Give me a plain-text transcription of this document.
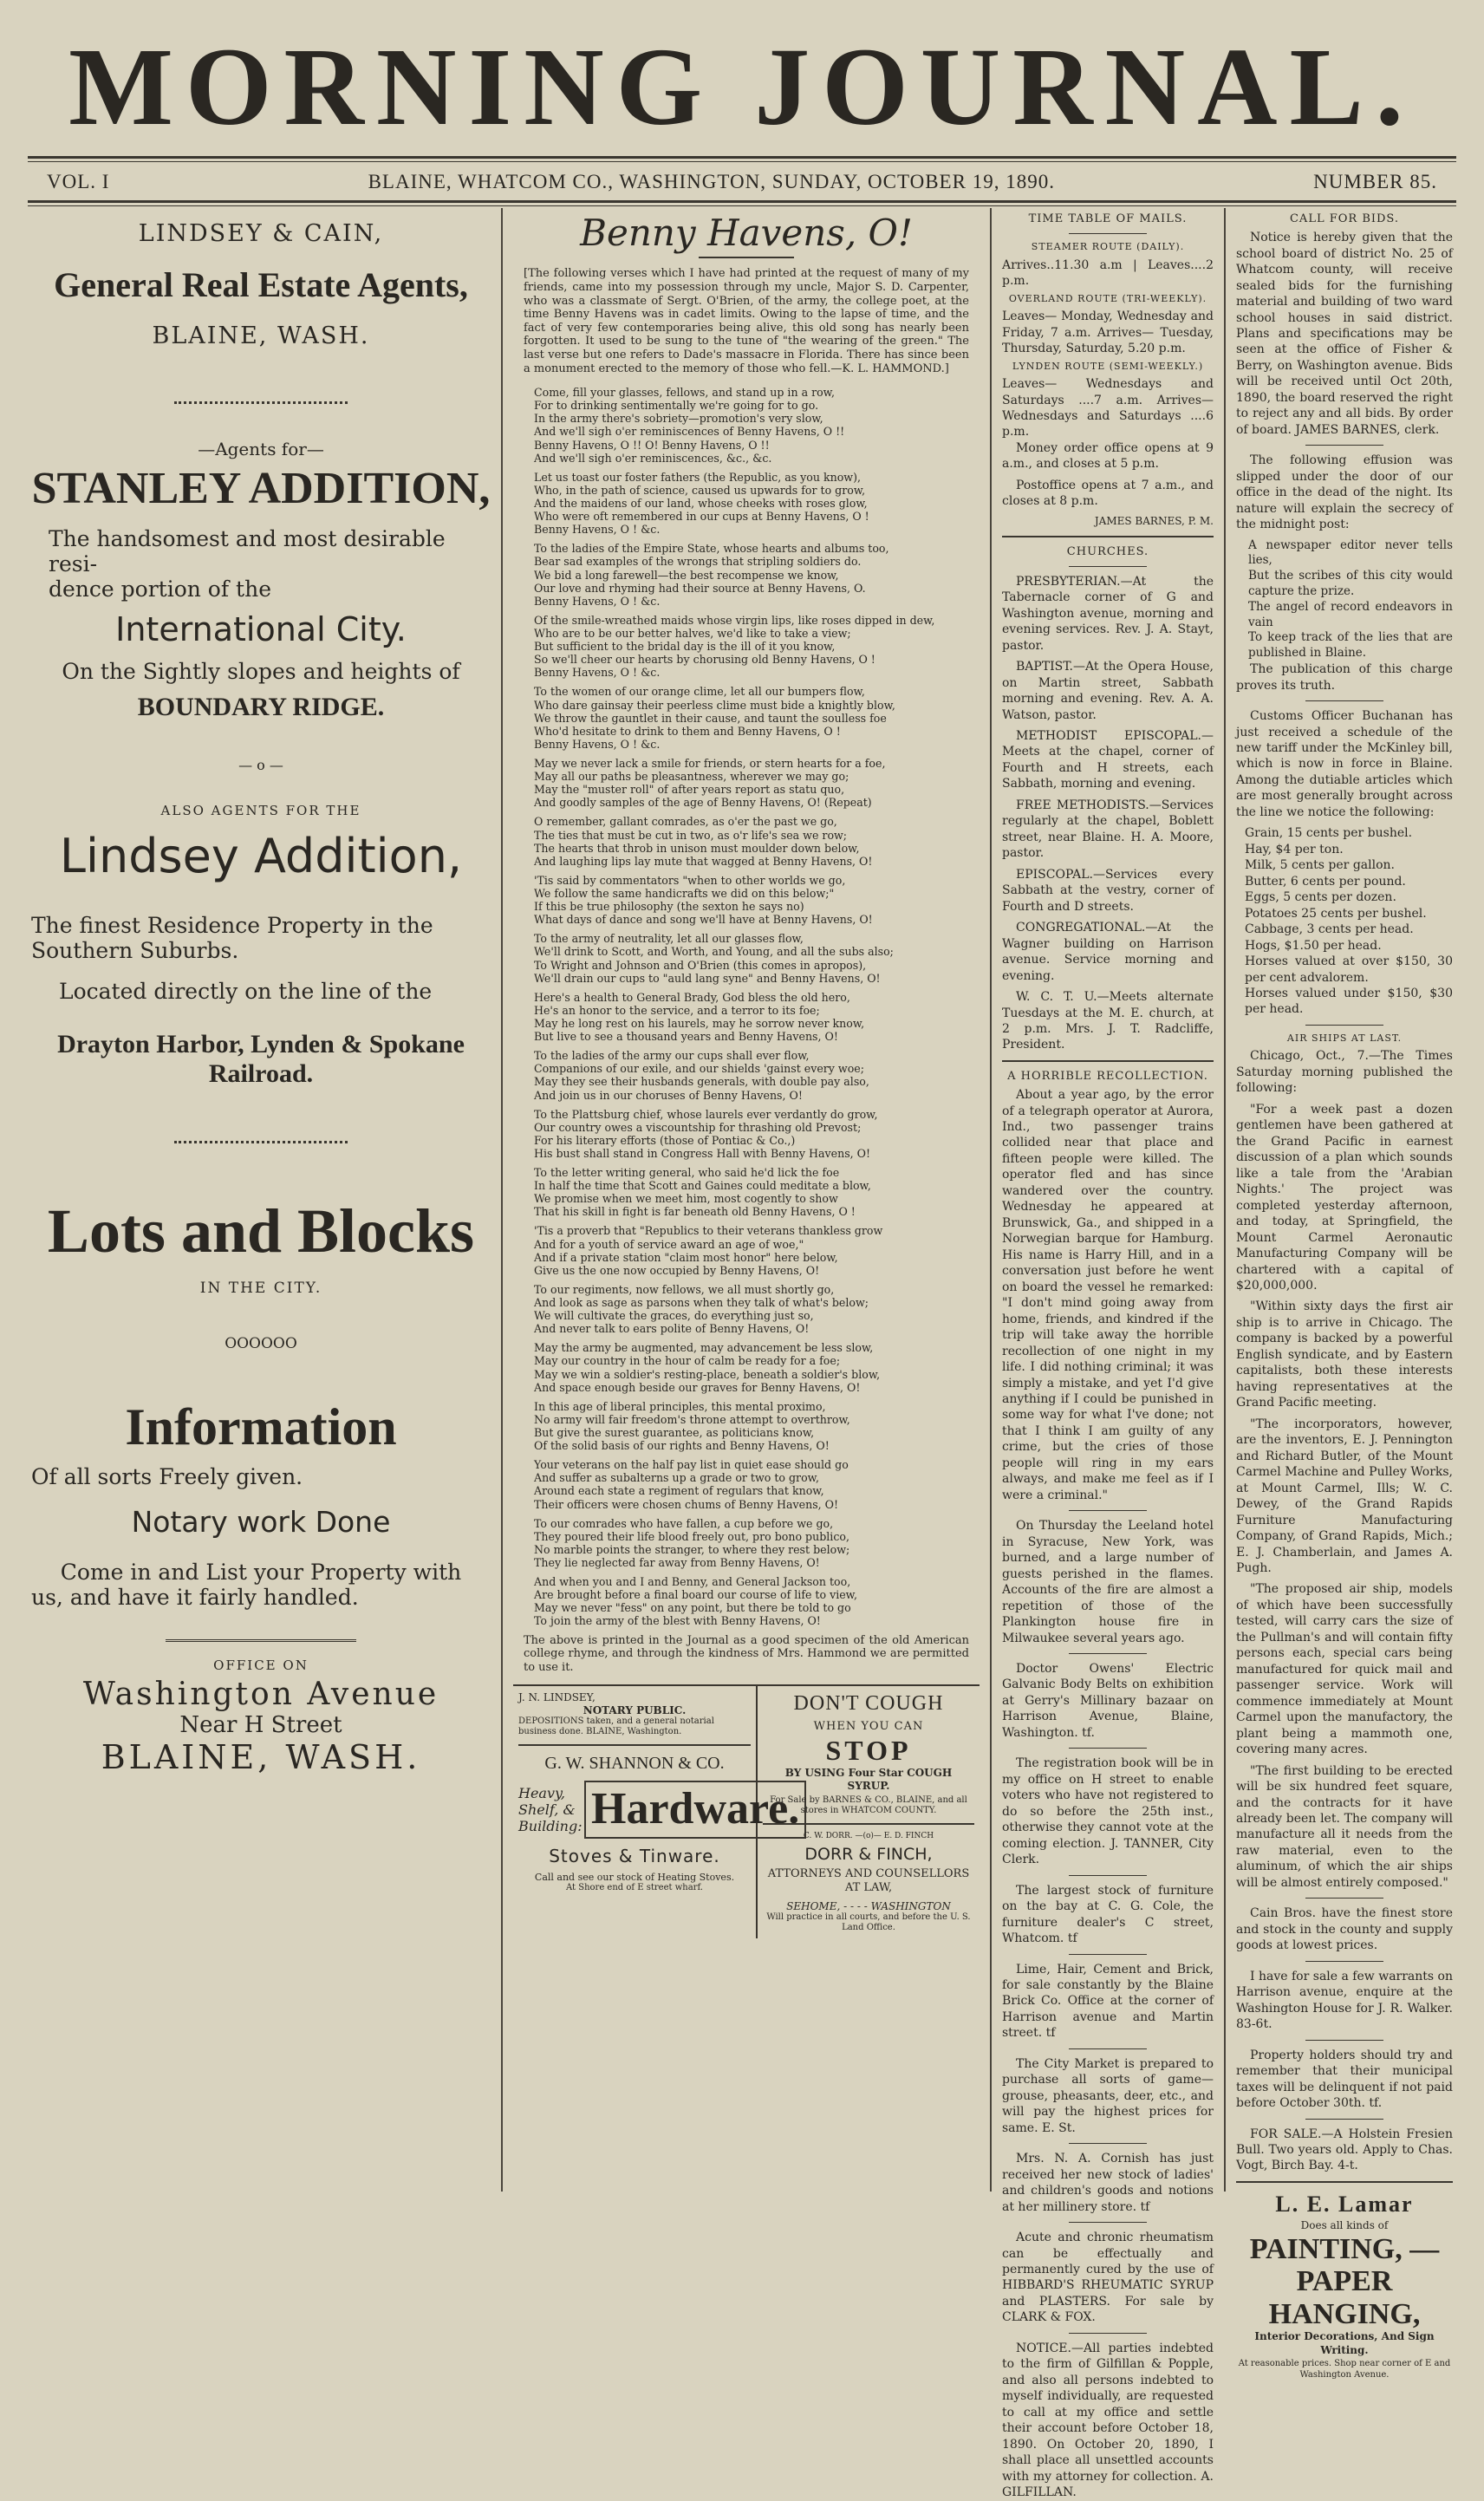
MORNING JOURNAL.
VOL. I	BLAINE, WHATCOM CO., WASHINGTON, SUNDAY, OCTOBER 19, 1890.	NUMBER 85.
LINDSEY & CAIN,
General Real Estate Agents,
BLAINE, WASH.
—Agents for—
STANLEY ADDITION,
The handsomest and most desirable resi-
dence portion of the
International City.
On the Sightly slopes and heights of
BOUNDARY RIDGE.
— o —
ALSO AGENTS FOR THE
Lindsey Addition,
The finest Residence Property in the
Southern Suburbs.
Located directly on the line of the
Drayton Harbor, Lynden & Spokane
Railroad.
Lots and Blocks
IN THE CITY.
OOOOOO
Information
Of all sorts Freely given.
Notary work Done
Come in and List your Property with
us, and have it fairly handled.
OFFICE ON
Washington Avenue
Near H Street
BLAINE, WASH.
Benny Havens, O!
[The following verses which I have had printed at the request of many of my friends, came into my possession through my uncle, Major S. D. Carpenter, who was a classmate of Sergt. O'Brien, of the army, the college poet, at the time Benny Havens was in cadet limits. Owing to the lapse of time, and the fact of very few contemporaries being alive, this old song has nearly been forgotten. It used to be sung to the tune of "the wearing of the green." The last verse but one refers to Dade's massacre in Florida. There has since been a monument erected to the memory of those who fell.—K. L. HAMMOND.]
Come, fill your glasses, fellows, and stand up in a row,
For to drinking sentimentally we're going for to go.
In the army there's sobriety—promotion's very slow,
And we'll sigh o'er reminiscences of Benny Havens, O !!
Benny Havens, O !! O! Benny Havens, O !!
And we'll sigh o'er reminiscences, &c., &c.
Let us toast our foster fathers (the Republic, as you know),
Who, in the path of science, caused us upwards for to grow,
And the maidens of our land, whose cheeks with roses glow,
Who were oft remembered in our cups at Benny Havens, O !
Benny Havens, O ! &c.
To the ladies of the Empire State, whose hearts and albums too,
Bear sad examples of the wrongs that stripling soldiers do.
We bid a long farewell—the best recompense we know,
Our love and rhyming had their source at Benny Havens, O.
Benny Havens, O ! &c.
Of the smile-wreathed maids whose virgin lips, like roses dipped in dew,
Who are to be our better halves, we'd like to take a view;
But sufficient to the bridal day is the ill of it you know,
So we'll cheer our hearts by chorusing old Benny Havens, O !
Benny Havens, O ! &c.
To the women of our orange clime, let all our bumpers flow,
Who dare gainsay their peerless clime must bide a knightly blow,
We throw the gauntlet in their cause, and taunt the soulless foe
Who'd hesitate to drink to them and Benny Havens, O !
Benny Havens, O ! &c.
May we never lack a smile for friends, or stern hearts for a foe,
May all our paths be pleasantness, wherever we may go;
May the "muster roll" of after years report as statu quo,
And goodly samples of the age of Benny Havens, O! (Repeat)
O remember, gallant comrades, as o'er the past we go,
The ties that must be cut in two, as o'r life's sea we row;
The hearts that throb in unison must moulder down below,
And laughing lips lay mute that wagged at Benny Havens, O!
'Tis said by commentators "when to other worlds we go,
We follow the same handicrafts we did on this below;"
If this be true philosophy (the sexton he says no)
What days of dance and song we'll have at Benny Havens, O!
To the army of neutrality, let all our glasses flow,
We'll drink to Scott, and Worth, and Young, and all the subs also;
To Wright and Johnson and O'Brien (this comes in apropos),
We'll drain our cups to "auld lang syne" and Benny Havens, O!
Here's a health to General Brady, God bless the old hero,
He's an honor to the service, and a terror to its foe;
May he long rest on his laurels, may he sorrow never know,
But live to see a thousand years and Benny Havens, O!
To the ladies of the army our cups shall ever flow,
Companions of our exile, and our shields 'gainst every woe;
May they see their husbands generals, with double pay also,
And join us in our choruses of Benny Havens, O!
To the Plattsburg chief, whose laurels ever verdantly do grow,
Our country owes a viscountship for thrashing old Prevost;
For his literary efforts (those of Pontiac & Co.,)
His bust shall stand in Congress Hall with Benny Havens, O!
To the letter writing general, who said he'd lick the foe
In half the time that Scott and Gaines could meditate a blow,
We promise when we meet him, most cogently to show
That his skill in fight is far beneath old Benny Havens, O !
'Tis a proverb that "Republics to their veterans thankless grow
And for a youth of service award an age of woe,"
And if a private station "claim most honor" here below,
Give us the one now occupied by Benny Havens, O!
To our regiments, now fellows, we all must shortly go,
And look as sage as parsons when they talk of what's below;
We will cultivate the graces, do everything just so,
And never talk to ears polite of Benny Havens, O!
May the army be augmented, may advancement be less slow,
May our country in the hour of calm be ready for a foe;
May we win a soldier's resting-place, beneath a soldier's blow,
And space enough beside our graves for Benny Havens, O!
In this age of liberal principles, this mental proximo,
No army will fair freedom's throne attempt to overthrow,
But give the surest guarantee, as politicians know,
Of the solid basis of our rights and Benny Havens, O!
Your veterans on the half pay list in quiet ease should go
And suffer as subalterns up a grade or two to grow,
Around each state a regiment of regulars that know,
Their officers were chosen chums of Benny Havens, O!
To our comrades who have fallen, a cup before we go,
They poured their life blood freely out, pro bono publico,
No marble points the stranger, to where they rest below;
They lie neglected far away from Benny Havens, O!
And when you and I and Benny, and General Jackson too,
Are brought before a final board our course of life to view,
May we never "fess" on any point, but there be told to go
To join the army of the blest with Benny Havens, O!
The above is printed in the Journal as a good specimen of the old American college rhyme, and through the kindness of Mrs. Hammond we are permitted to use it.
J. N. LINDSEY,
NOTARY PUBLIC.
DEPOSITIONS taken, and a general notarial business done. BLAINE, Washington.
G. W. SHANNON & CO.
Heavy, Shelf, & Building: Hardware.
Stoves & Tinware.
Call and see our stock of Heating Stoves.
At Shore end of E street wharf.
DON'T COUGH
WHEN YOU CAN
STOP
BY USING Four Star COUGH SYRUP.
For Sale by BARNES & CO., BLAINE, and all stores in WHATCOM COUNTY.
C. W. DORR. —(o)— E. D. FINCH
DORR & FINCH,
ATTORNEYS AND COUNSELLORS AT LAW,
SEHOME, - - - - WASHINGTON
Will practice in all courts, and before the U. S. Land Office.
TIME TABLE OF MAILS.
STEAMER ROUTE (DAILY).
Arrives..11.30 a.m | Leaves....2 p.m.
OVERLAND ROUTE (TRI-WEEKLY).
Leaves— Monday, Wednesday and Friday, 7 a.m. Arrives— Tuesday, Thursday, Saturday, 5.20 p.m.
LYNDEN ROUTE (SEMI-WEEKLY.)
Leaves— Wednesdays and Saturdays ....7 a.m. Arrives— Wednesdays and Saturdays ....6 p.m.

Money order office opens at 9 a.m., and closes at 5 p.m.

Postoffice opens at 7 a.m., and closes at 8 p.m.

JAMES BARNES, P. M.
CHURCHES.

PRESBYTERIAN.—At the Tabernacle corner of G and Washington avenue, morning and evening services. Rev. J. A. Stayt, pastor.

BAPTIST.—At the Opera House, on Martin street, Sabbath morning and evening. Rev. A. A. Watson, pastor.

METHODIST EPISCOPAL.—Meets at the chapel, corner of Fourth and H streets, each Sabbath, morning and evening.

FREE METHODISTS.—Services regularly at the chapel, Boblett street, near Blaine. H. A. Moore, pastor.

EPISCOPAL.—Services every Sabbath at the vestry, corner of Fourth and D streets.

CONGREGATIONAL.—At the Wagner building on Harrison avenue. Service morning and evening.

W. C. T. U.—Meets alternate Tuesdays at the M. E. church, at 2 p.m. Mrs. J. T. Radcliffe, President.

A HORRIBLE RECOLLECTION.

About a year ago, by the error of a telegraph operator at Aurora, Ind., two passenger trains collided near that place and fifteen people were killed. The operator fled and has since wandered over the country. Wednesday he appeared at Brunswick, Ga., and shipped in a Norwegian barque for Hamburg. His name is Harry Hill, and in a conversation just before he went on board the vessel he remarked: "I don't mind going away from home, friends, and kindred if the trip will take away the horrible recollection of one night in my life. I did nothing criminal; it was simply a mistake, and yet I'd give anything if I could be punished in some way for what I've done; not that I think I am guilty of any crime, but the cries of those people will ring in my ears always, and make me feel as if I were a criminal."

On Thursday the Leeland hotel in Syracuse, New York, was burned, and a large number of guests perished in the flames. Accounts of the fire are almost a repetition of those of the Plankington house fire in Milwaukee several years ago.

Doctor Owens' Electric Galvanic Body Belts on exhibition at Gerry's Millinary bazaar on Harrison Avenue, Blaine, Washington. tf.

The registration book will be in my office on H street to enable voters who have not registered to do so before the 25th inst., otherwise they cannot vote at the coming election. J. TANNER, City Clerk.

The largest stock of furniture on the bay at C. G. Cole, the furniture dealer's C street, Whatcom. tf

Lime, Hair, Cement and Brick, for sale constantly by the Blaine Brick Co. Office at the corner of Harrison avenue and Martin street. tf

The City Market is prepared to purchase all sorts of game—grouse, pheasants, deer, etc., and will pay the highest prices for same. E. St.

Mrs. N. A. Cornish has just received her new stock of ladies' and children's goods and notions at her millinery store. tf

Acute and chronic rheumatism can be effectually and permanently cured by the use of HIBBARD'S RHEUMATIC SYRUP and PLASTERS. For sale by CLARK & FOX.

NOTICE.—All parties indebted to the firm of Gilfillan & Popple, and also all persons indebted to myself individually, are requested to call at my office and settle their account before October 18, 1890. On October 20, 1890, I shall place all unsettled accounts with my attorney for collection. A. GILFILLAN.

CALL FOR BIDS.

Notice is hereby given that the school board of district No. 25 of Whatcom county, will receive sealed bids for the furnishing material and building of two ward school houses in said district. Plans and specifications may be seen at the office of Fisher & Berry, on Washington avenue. Bids will be received until Oct 20th, 1890, the board reserved the right to reject any and all bids. By order of board. JAMES BARNES, clerk.

The following effusion was slipped under the door of our office in the dead of the night. Its nature will explain the secrecy of the midnight post:

A newspaper editor never tells lies,
But the scribes of this city would capture the prize.
The angel of record endeavors in vain
To keep track of the lies that are published in Blaine.

The publication of this charge proves its truth.

Customs Officer Buchanan has just received a schedule of the new tariff under the McKinley bill, which is now in force in Blaine. Among the dutiable articles which are most generally brought across the line we notice the following:

Grain, 15 cents per bushel.
Hay, $4 per ton.
Milk, 5 cents per gallon.
Butter, 6 cents per pound.
Eggs, 5 cents per dozen.
Potatoes 25 cents per bushel.
Cabbage, 3 cents per head.
Hogs, $1.50 per head.
Horses valued at over $150, 30 per cent advalorem.
Horses valued under $150, $30 per head.
AIR SHIPS AT LAST.

Chicago, Oct., 7.—The Times Saturday morning published the following:

"For a week past a dozen gentlemen have been gathered at the Grand Pacific in earnest discussion of a plan which sounds like a tale from the 'Arabian Nights.' The project was completed yesterday afternoon, and today, at Springfield, the Mount Carmel Aeronautic Manufacturing Company will be chartered with a capital of $20,000,000.

"Within sixty days the first air ship is to arrive in Chicago. The company is backed by a powerful English syndicate, and by Eastern capitalists, both these interests having representatives at the Grand Pacific meeting.

"The incorporators, however, are the inventors, E. J. Pennington and Richard Butler, of the Mount Carmel Machine and Pulley Works, at Mount Carmel, Ills; W. C. Dewey, of the Grand Rapids Furniture Manufacturing Company, of Grand Rapids, Mich.; E. J. Chamberlain, and James A. Pugh.

"The proposed air ship, models of which have been successfully tested, will carry cars the size of the Pullman's and will contain fifty persons each, special cars being manufactured for quick mail and passenger service. Work will commence immediately at Mount Carmel upon the manufactory, the plant being a mammoth one, covering many acres.

"The first building to be erected will be six hundred feet square, and the contracts for it have already been let. The company will manufacture all it needs from the raw material, even to the aluminum, of which the air ships will be almost entirely composed."

Cain Bros. have the finest store and stock in the county and supply goods at lowest prices.

I have for sale a few warrants on Harrison avenue, enquire at the Washington House for J. R. Walker. 83-6t.

Property holders should try and remember that their municipal taxes will be delinquent if not paid before October 30th. tf.

FOR SALE.—A Holstein Fresien Bull. Two years old. Apply to Chas. Vogt, Birch Bay. 4-t.

L. E. Lamar
Does all kinds of
PAINTING, — PAPER HANGING,
Interior Decorations, And Sign Writing.
At reasonable prices. Shop near corner of E and Washington Avenue.
